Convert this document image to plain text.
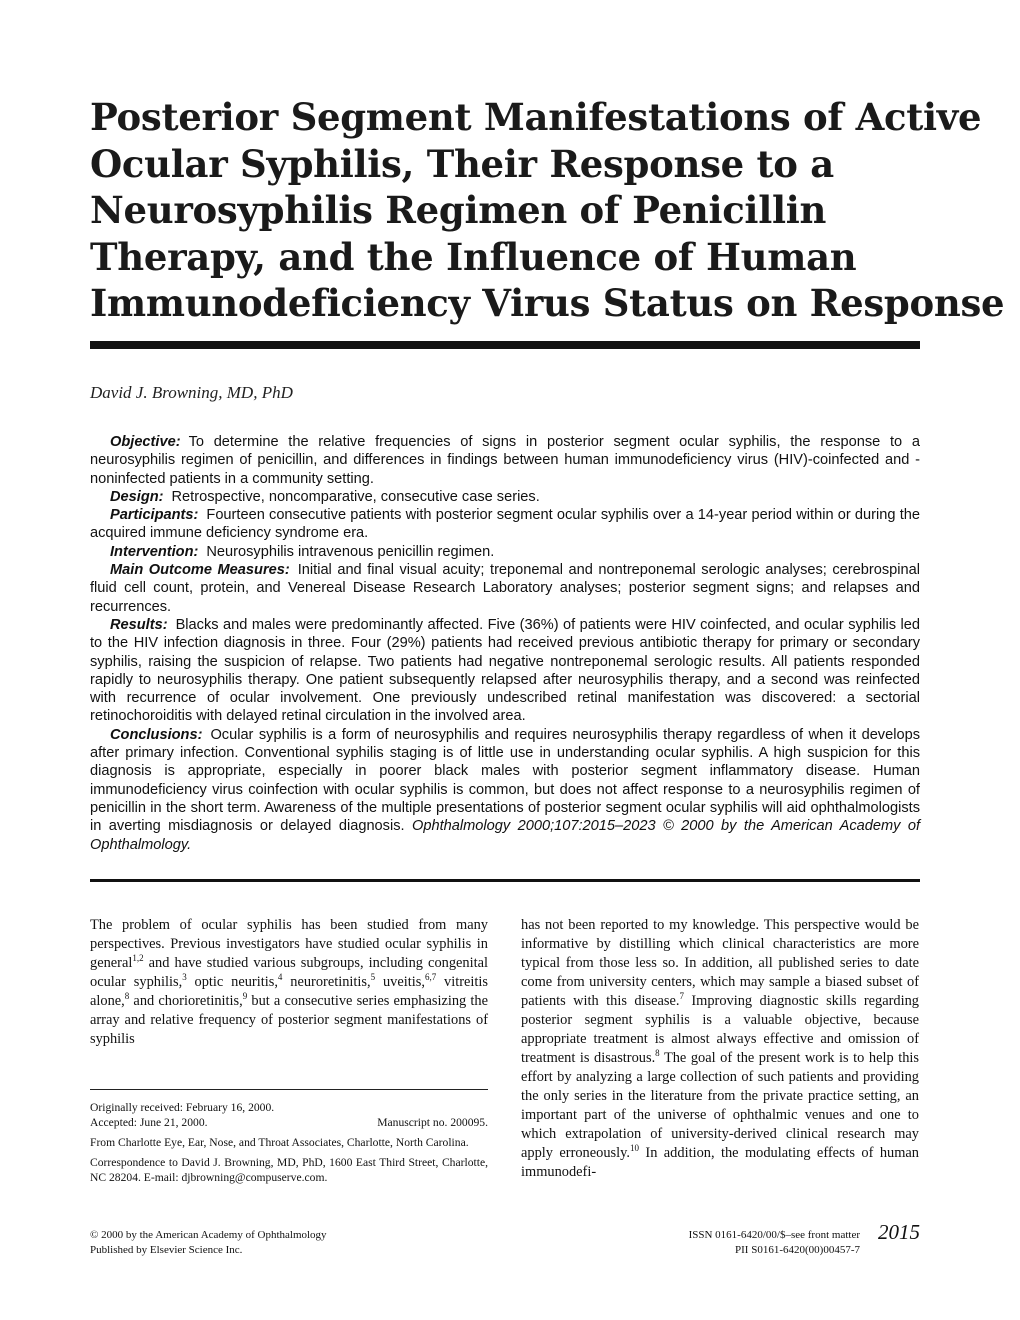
Posterior Segment Manifestations of Active
Ocular Syphilis, Their Response to a
Neurosyphilis Regimen of Penicillin
Therapy, and the Influence of Human
Immunodeficiency Virus Status on Response
David J. Browning, MD, PhD

Objective: To determine the relative frequencies of signs in posterior segment ocular syphilis, the response to a neurosyphilis regimen of penicillin, and differences in findings between human immunodeficiency virus (HIV)-coinfected and -noninfected patients in a community setting.

Design: Retrospective, noncomparative, consecutive case series.

Participants: Fourteen consecutive patients with posterior segment ocular syphilis over a 14-year period within or during the acquired immune deficiency syndrome era.

Intervention: Neurosyphilis intravenous penicillin regimen.

Main Outcome Measures: Initial and final visual acuity; treponemal and nontreponemal serologic analyses; cerebrospinal fluid cell count, protein, and Venereal Disease Research Laboratory analyses; posterior segment signs; and relapses and recurrences.

Results: Blacks and males were predominantly affected. Five (36%) of patients were HIV coinfected, and ocular syphilis led to the HIV infection diagnosis in three. Four (29%) patients had received previous antibiotic therapy for primary or secondary syphilis, raising the suspicion of relapse. Two patients had negative nontreponemal serologic results. All patients responded rapidly to neurosyphilis therapy. One patient subsequently relapsed after neurosyphilis therapy, and a second was reinfected with recurrence of ocular involvement. One previously undescribed retinal manifestation was discovered: a sectorial retinochoroiditis with delayed retinal circulation in the involved area.

Conclusions: Ocular syphilis is a form of neurosyphilis and requires neurosyphilis therapy regardless of when it develops after primary infection. Conventional syphilis staging is of little use in understanding ocular syphilis. A high suspicion for this diagnosis is appropriate, especially in poorer black males with posterior segment inflammatory disease. Human immunodeficiency virus coinfection with ocular syphilis is common, but does not affect response to a neurosyphilis regimen of penicillin in the short term. Awareness of the multiple presentations of posterior segment ocular syphilis will aid ophthalmologists in averting misdiagnosis or delayed diagnosis. Ophthalmology 2000;107:2015–2023 © 2000 by the American Academy of Ophthalmology.

The problem of ocular syphilis has been studied from many perspectives. Previous investigators have studied ocular syphilis in general$^{1,2}$ and have studied various subgroups, including congenital ocular syphilis,$^3$ optic neuritis,$^4$ neuroretinitis,$^5$ uveitis,$^{6,7}$ vitreitis alone,$^8$ and chorioretinitis,$^9$ but a consecutive series emphasizing the array and relative frequency of posterior segment manifestations of syphilis

has not been reported to my knowledge. This perspective would be informative by distilling which clinical characteristics are more typical from those less so. In addition, all published series to date come from university centers, which may sample a biased subset of patients with this disease.$^7$ Improving diagnostic skills regarding posterior segment syphilis is a valuable objective, because appropriate treatment is almost always effective and omission of treatment is disastrous.$^8$ The goal of the present work is to help this effort by analyzing a large collection of such patients and providing the only series in the literature from the private practice setting, an important part of the universe of ophthalmic venues and one to which extrapolation of university-derived clinical research may apply erroneously.$^{10}$ In addition, the modulating effects of human immunodefi-

Originally received: February 16, 2000.

Accepted: June 21, 2000.	Manuscript no. 200095.

From Charlotte Eye, Ear, Nose, and Throat Associates, Charlotte, North Carolina.

Correspondence to David J. Browning, MD, PhD, 1600 East Third Street, Charlotte, NC 28204. E-mail: djbrowning@compuserve.com.

© 2000 by the American Academy of Ophthalmology
Published by Elsevier Science Inc.
ISSN 0161-6420/00/$–see front matter
PII S0161-6420(00)00457-7
2015
